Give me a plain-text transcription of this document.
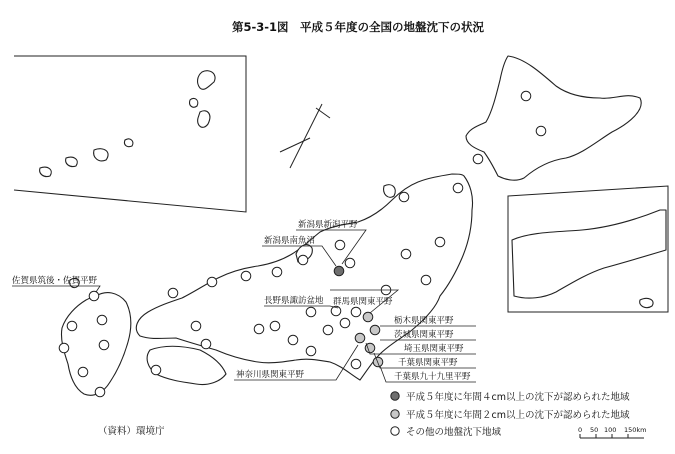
第5-3-1図　平成５年度の全国の地盤沈下の状況
新潟県新潟平野
新潟県南魚沼
佐賀県筑後・佐賀平野
長野県諏訪盆地 群馬県関東平野
栃木県関東平野
茨城県関東平野
埼玉県関東平野
千葉県関東平野
神奈川県関東平野	千葉県九十九里平野
（資料）環境庁
平成５年度に年間４cm以上の沈下が認められた地域
平成５年度に年間２cm以上の沈下が認められた地域
その他の地盤沈下地域	0 50 100 150km
